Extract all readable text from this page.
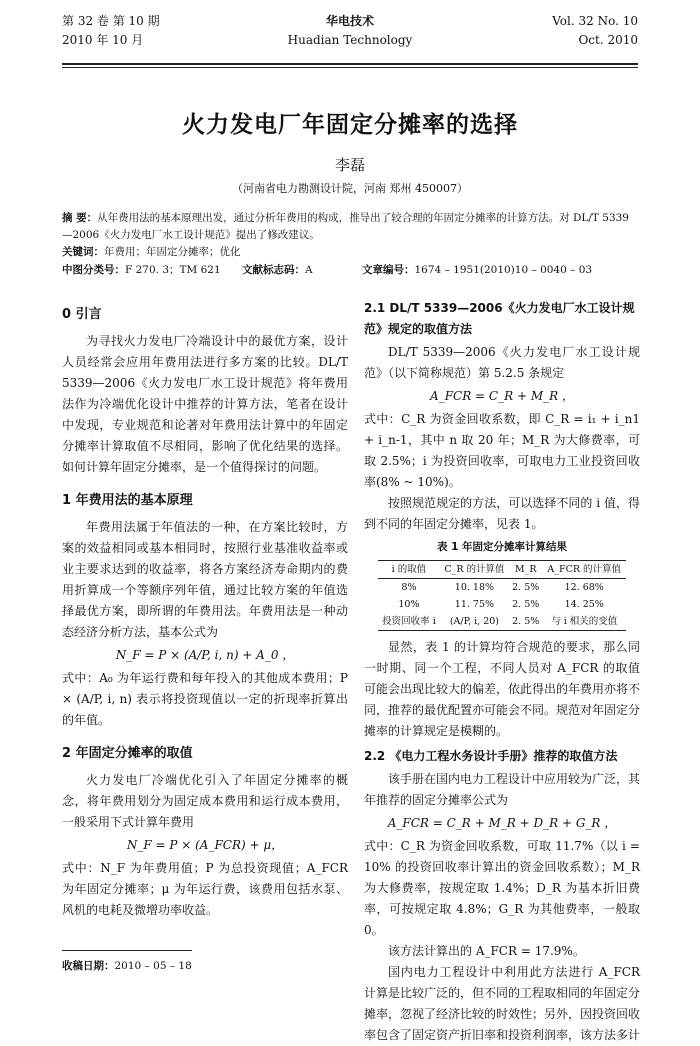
第 32 卷 第 10 期
2010 年 10 月
华电技术
Huadian Technology
Vol. 32 No. 10
Oct. 2010
火力发电厂年固定分摊率的选择
李磊
（河南省电力勘测设计院，河南 郑州 450007）
摘 要：从年费用法的基本原理出发，通过分析年费用的构成，推导出了较合理的年固定分摊率的计算方法。对 DL/T 5339—2006《火力发电厂水工设计规范》提出了修改建议。
关键词：年费用；年固定分摊率；优化
中图分类号：F 270. 3；TM 621 文献标志码：A	文章编号：1674 – 1951(2010)10 – 0040 – 03
0 引言

为寻找火力发电厂冷端设计中的最优方案，设计人员经常会应用年费用法进行多方案的比较。DL/T 5339—2006《火力发电厂水工设计规范》将年费用法作为冷端优化设计中推荐的计算方法，笔者在设计中发现，专业规范和论著对年费用法计算中的年固定分摊率计算取值不尽相同，影响了优化结果的选择。如何计算年固定分摊率，是一个值得探讨的问题。

1 年费用法的基本原理

年费用法属于年值法的一种，在方案比较时，方案的效益相同或基本相同时，按照行业基准收益率或业主要求达到的收益率，将各方案经济寿命期内的费用折算成一个等额序列年值，通过比较方案的年值选择最优方案，即所谓的年费用法。年费用法是一种动态经济分析方法，基本公式为

N_F = P × (A/P, i, n) + A_0 ，

式中：A₀ 为年运行费和每年投入的其他成本费用；P × (A/P, i, n) 表示将投资现值以一定的折现率折算出的年值。

2 年固定分摊率的取值

火力发电厂冷端优化引入了年固定分摊率的概念，将年费用划分为固定成本费用和运行成本费用，一般采用下式计算年费用

N_F = P × (A_FCR) + μ，

式中：N_F 为年费用值；P 为总投资现值；A_FCR 为年固定分摊率；μ 为年运行费，该费用包括水泵、风机的电耗及微增功率收益。

收稿日期：2010 – 05 – 18
2.1 DL/T 5339—2006《火力发电厂水工设计规范》规定的取值方法

DL/T 5339—2006《火力发电厂水工设计规范》（以下简称规范）第 5.2.5 条规定

A_FCR = C_R + M_R ，

式中：C_R 为资金回收系数，即 C_R = i₁ + i_n1 + i_n-1，其中 n 取 20 年；M_R 为大修费率，可取 2.5%；i 为投资回收率，可取电力工业投资回收率(8% ~ 10%)。

按照规范规定的方法，可以选择不同的 i 值，得到不同的年固定分摊率，见表 1。

表 1 年固定分摊率计算结果
i 的取值	C_R 的计算值	M_R	A_FCR 的计算值
8%	10. 18%	2. 5%	12. 68%
10%	11. 75%	2. 5%	14. 25%
投资回收率 i	(A/P, i, 20)	2. 5%	与 i 相关的变值

显然，表 1 的计算均符合规范的要求，那么同一时期、同一个工程，不同人员对 A_FCR 的取值可能会出现比较大的偏差，依此得出的年费用亦将不同，推荐的最优配置亦可能会不同。规范对年固定分摊率的计算规定是模糊的。

2.2 《电力工程水务设计手册》推荐的取值方法

该手册在国内电力工程设计中应用较为广泛，其年推荐的固定分摊率公式为

A_FCR = C_R + M_R + D_R + G_R ，

式中：C_R 为资金回收系数，可取 11.7%（以 i = 10% 的投资回收率计算出的资金回收系数）；M_R 为大修费率，按规定取 1.4%；D_R 为基本折旧费率，可按规定取 4.8%；G_R 为其他费率，一般取 0。

该方法计算出的 A_FCR = 17.9%。

国内电力工程设计中利用此方法进行 A_FCR 计算是比较广泛的，但不同的工程取相同的年固定分摊率，忽视了经济比较的时效性；另外，因投资回收率包含了固定资产折旧率和投资利润率，该方法多计
